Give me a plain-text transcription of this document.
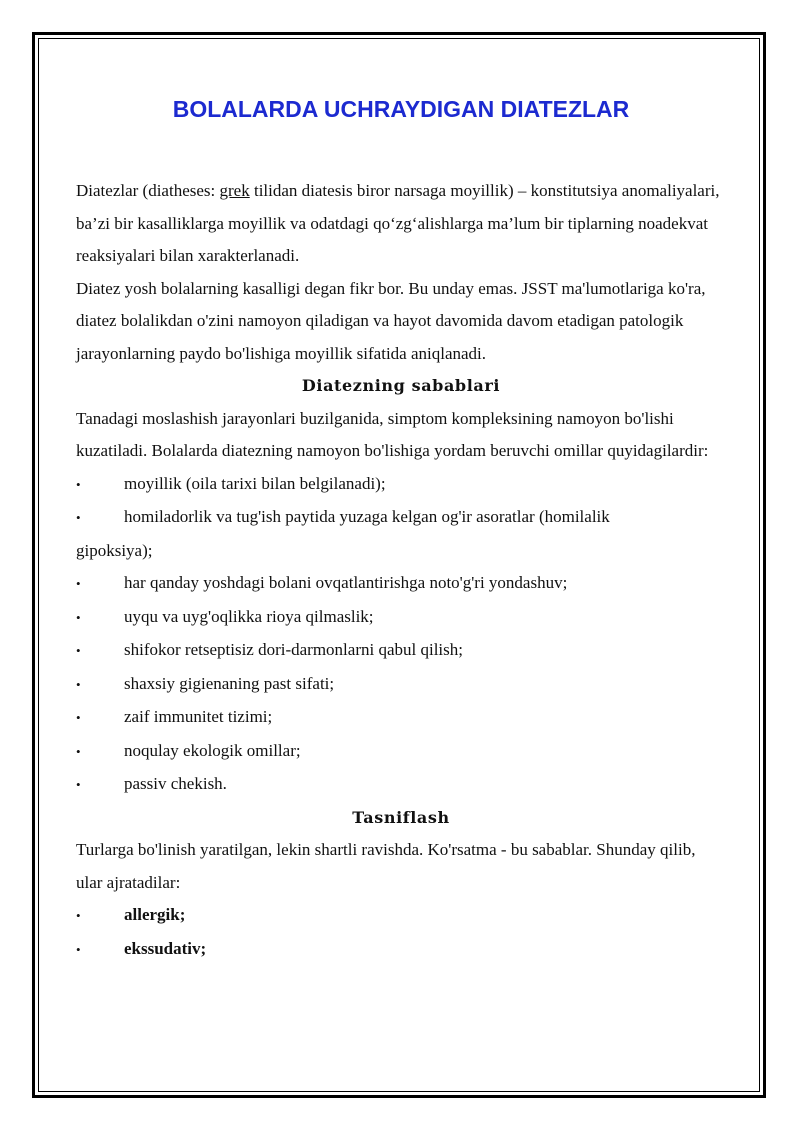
BOLALARDA UCHRAYDIGAN DIATEZLAR

Diatezlar (diatheses: grek tilidan diatesis biror narsaga moyillik) – konstitutsiya anomaliyalari, ba’zi bir kasalliklarga moyillik va odatdagi qo‘zg‘alishlarga ma’lum bir tiplarning noadekvat reaksiyalari bilan xarakterlanadi.

Diatez yosh bolalarning kasalligi degan fikr bor. Bu unday emas. JSST ma'lumotlariga ko'ra, diatez bolalikdan o'zini namoyon qiladigan va hayot davomida davom etadigan patologik jarayonlarning paydo bo'lishiga moyillik sifatida aniqlanadi.

Diatezning sabablari

Tanadagi moslashish jarayonlari buzilganida, simptom kompleksining namoyon bo'lishi kuzatiladi. Bolalarda diatezning namoyon bo'lishiga yordam beruvchi omillar quyidagilardir:

•	moyillik (oila tarixi bilan belgilanadi);
•	homiladorlik va tug'ish paytida yuzaga kelgan og'ir asoratlar (homilalik
gipoksiya);
•	har qanday yoshdagi bolani ovqatlantirishga noto'g'ri yondashuv;
•	uyqu va uyg'oqlikka rioya qilmaslik;
•	shifokor retseptisiz dori-darmonlarni qabul qilish;
•	shaxsiy gigienaning past sifati;
•	zaif immunitet tizimi;
•	noqulay ekologik omillar;
•	passiv chekish.
Tasniflash

Turlarga bo'linish yaratilgan, lekin shartli ravishda. Ko'rsatma - bu sabablar. Shunday qilib, ular ajratadilar:

•	allergik;
•	ekssudativ;
